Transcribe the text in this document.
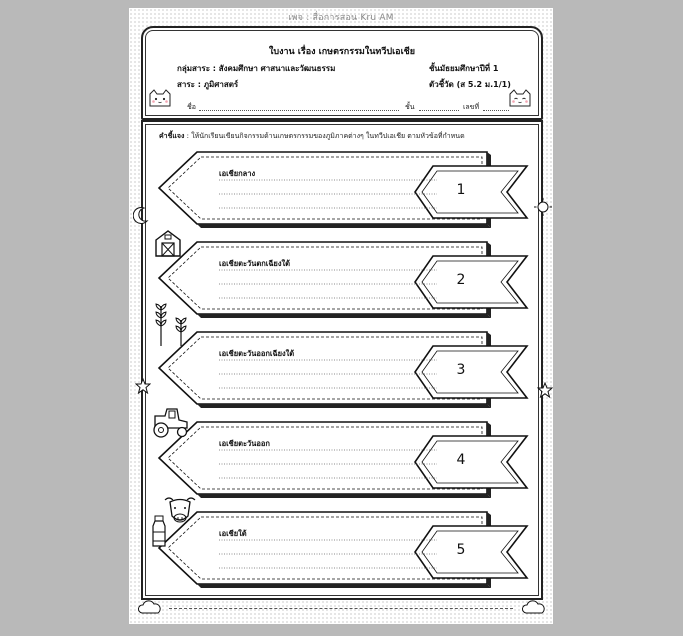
เพจ : สื่อการสอน Kru AM
ใบงาน เรื่อง เกษตรกรรมในทวีปเอเชีย
กลุ่มสาระ : สังคมศึกษา ศาสนาและวัฒนธรรม	ชั้นมัธยมศึกษาปีที่ 1
สาระ : ภูมิศาสตร์	ตัวชี้วัด (ส 5.2 ม.1/1)
ชื่อ	ชั้น	เลขที่
คำชี้แจง : ให้นักเรียนเขียนกิจกรรมด้านเกษตรกรรมของภูมิภาคต่างๆ ในทวีปเอเชีย ตามหัวข้อที่กำหนด
เอเชียกลาง
เอเชียตะวันตกเฉียงใต้
เอเชียตะวันออกเฉียงใต้
เอเชียตะวันออก
เอเชียใต้
1
2
3
4
5
